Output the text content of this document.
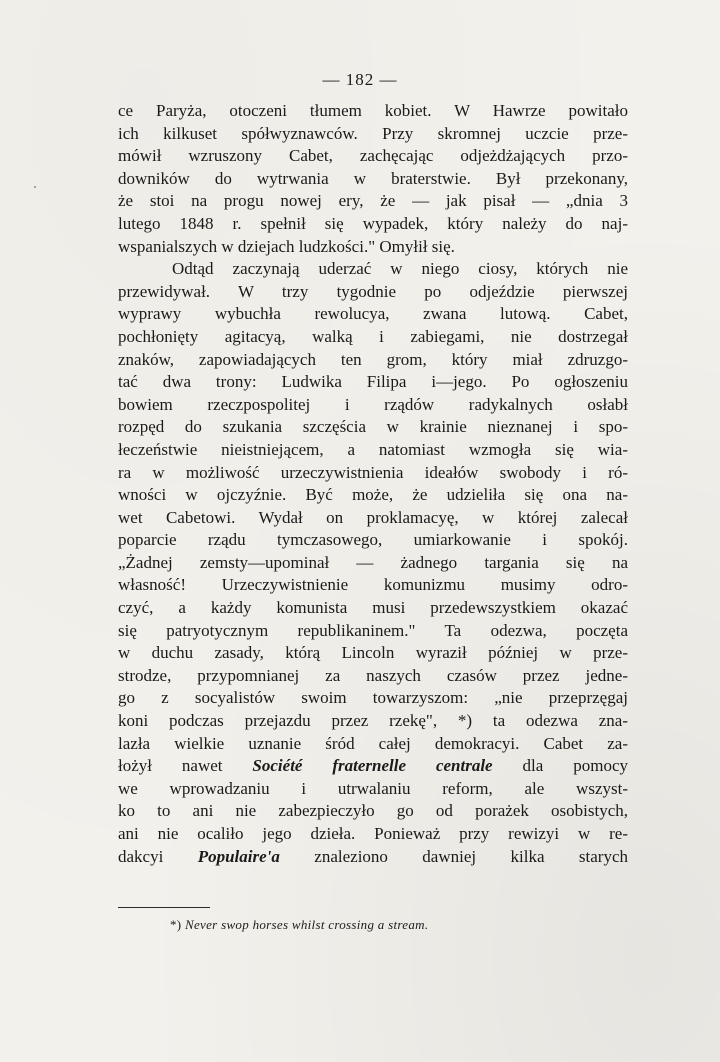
— 182 —
ce Paryża, otoczeni tłumem kobiet. W Hawrze powitało
ich kilkuset spółwyznawców. Przy skromnej uczcie prze-
mówił wzruszony Cabet, zachęcając odjeżdżających przo-
downików do wytrwania w braterstwie. Był przekonany,
że stoi na progu nowej ery, że — jak pisał — „dnia 3
lutego 1848 r. spełnił się wypadek, który należy do naj-
wspanialszych w dziejach ludzkości." Omyłił się.
Odtąd zaczynają uderzać w niego ciosy, których nie
przewidywał. W trzy tygodnie po odjeździe pierwszej
wyprawy wybuchła rewolucya, zwana lutową. Cabet,
pochłonięty agitacyą, walką i zabiegami, nie dostrzegał
znaków, zapowiadających ten grom, który miał zdruzgo-
tać dwa trony: Ludwika Filipa i—jego. Po ogłoszeniu
bowiem rzeczpospolitej i rządów radykalnych osłabł
rozpęd do szukania szczęścia w krainie nieznanej i spo-
łeczeństwie nieistniejącem, a natomiast wzmogła się wia-
ra w możliwość urzeczywistnienia ideałów swobody i ró-
wności w ojczyźnie. Być może, że udzieliła się ona na-
wet Cabetowi. Wydał on proklamacyę, w której zalecał
poparcie rządu tymczasowego, umiarkowanie i spokój.
„Żadnej zemsty—upominał — żadnego targania się na
własność! Urzeczywistnienie komunizmu musimy odro-
czyć, a każdy komunista musi przedewszystkiem okazać
się patryotycznym republikaninem." Ta odezwa, poczęta
w duchu zasady, którą Lincoln wyraził później w prze-
strodze, przypomnianej za naszych czasów przez jedne-
go z socyalistów swoim towarzyszom: „nie przeprzęgaj
koni podczas przejazdu przez rzekę", *) ta odezwa zna-
lazła wielkie uznanie śród całej demokracyi. Cabet za-
łożył nawet Société fraternelle centrale dla pomocy
we wprowadzaniu i utrwalaniu reform, ale wszyst-
ko to ani nie zabezpieczyło go od porażek osobistych,
ani nie ocaliło jego dzieła. Ponieważ przy rewizyi w re-
dakcyi Populaire'a znaleziono dawniej kilka starych
*) Never swop horses whilst crossing a stream.
